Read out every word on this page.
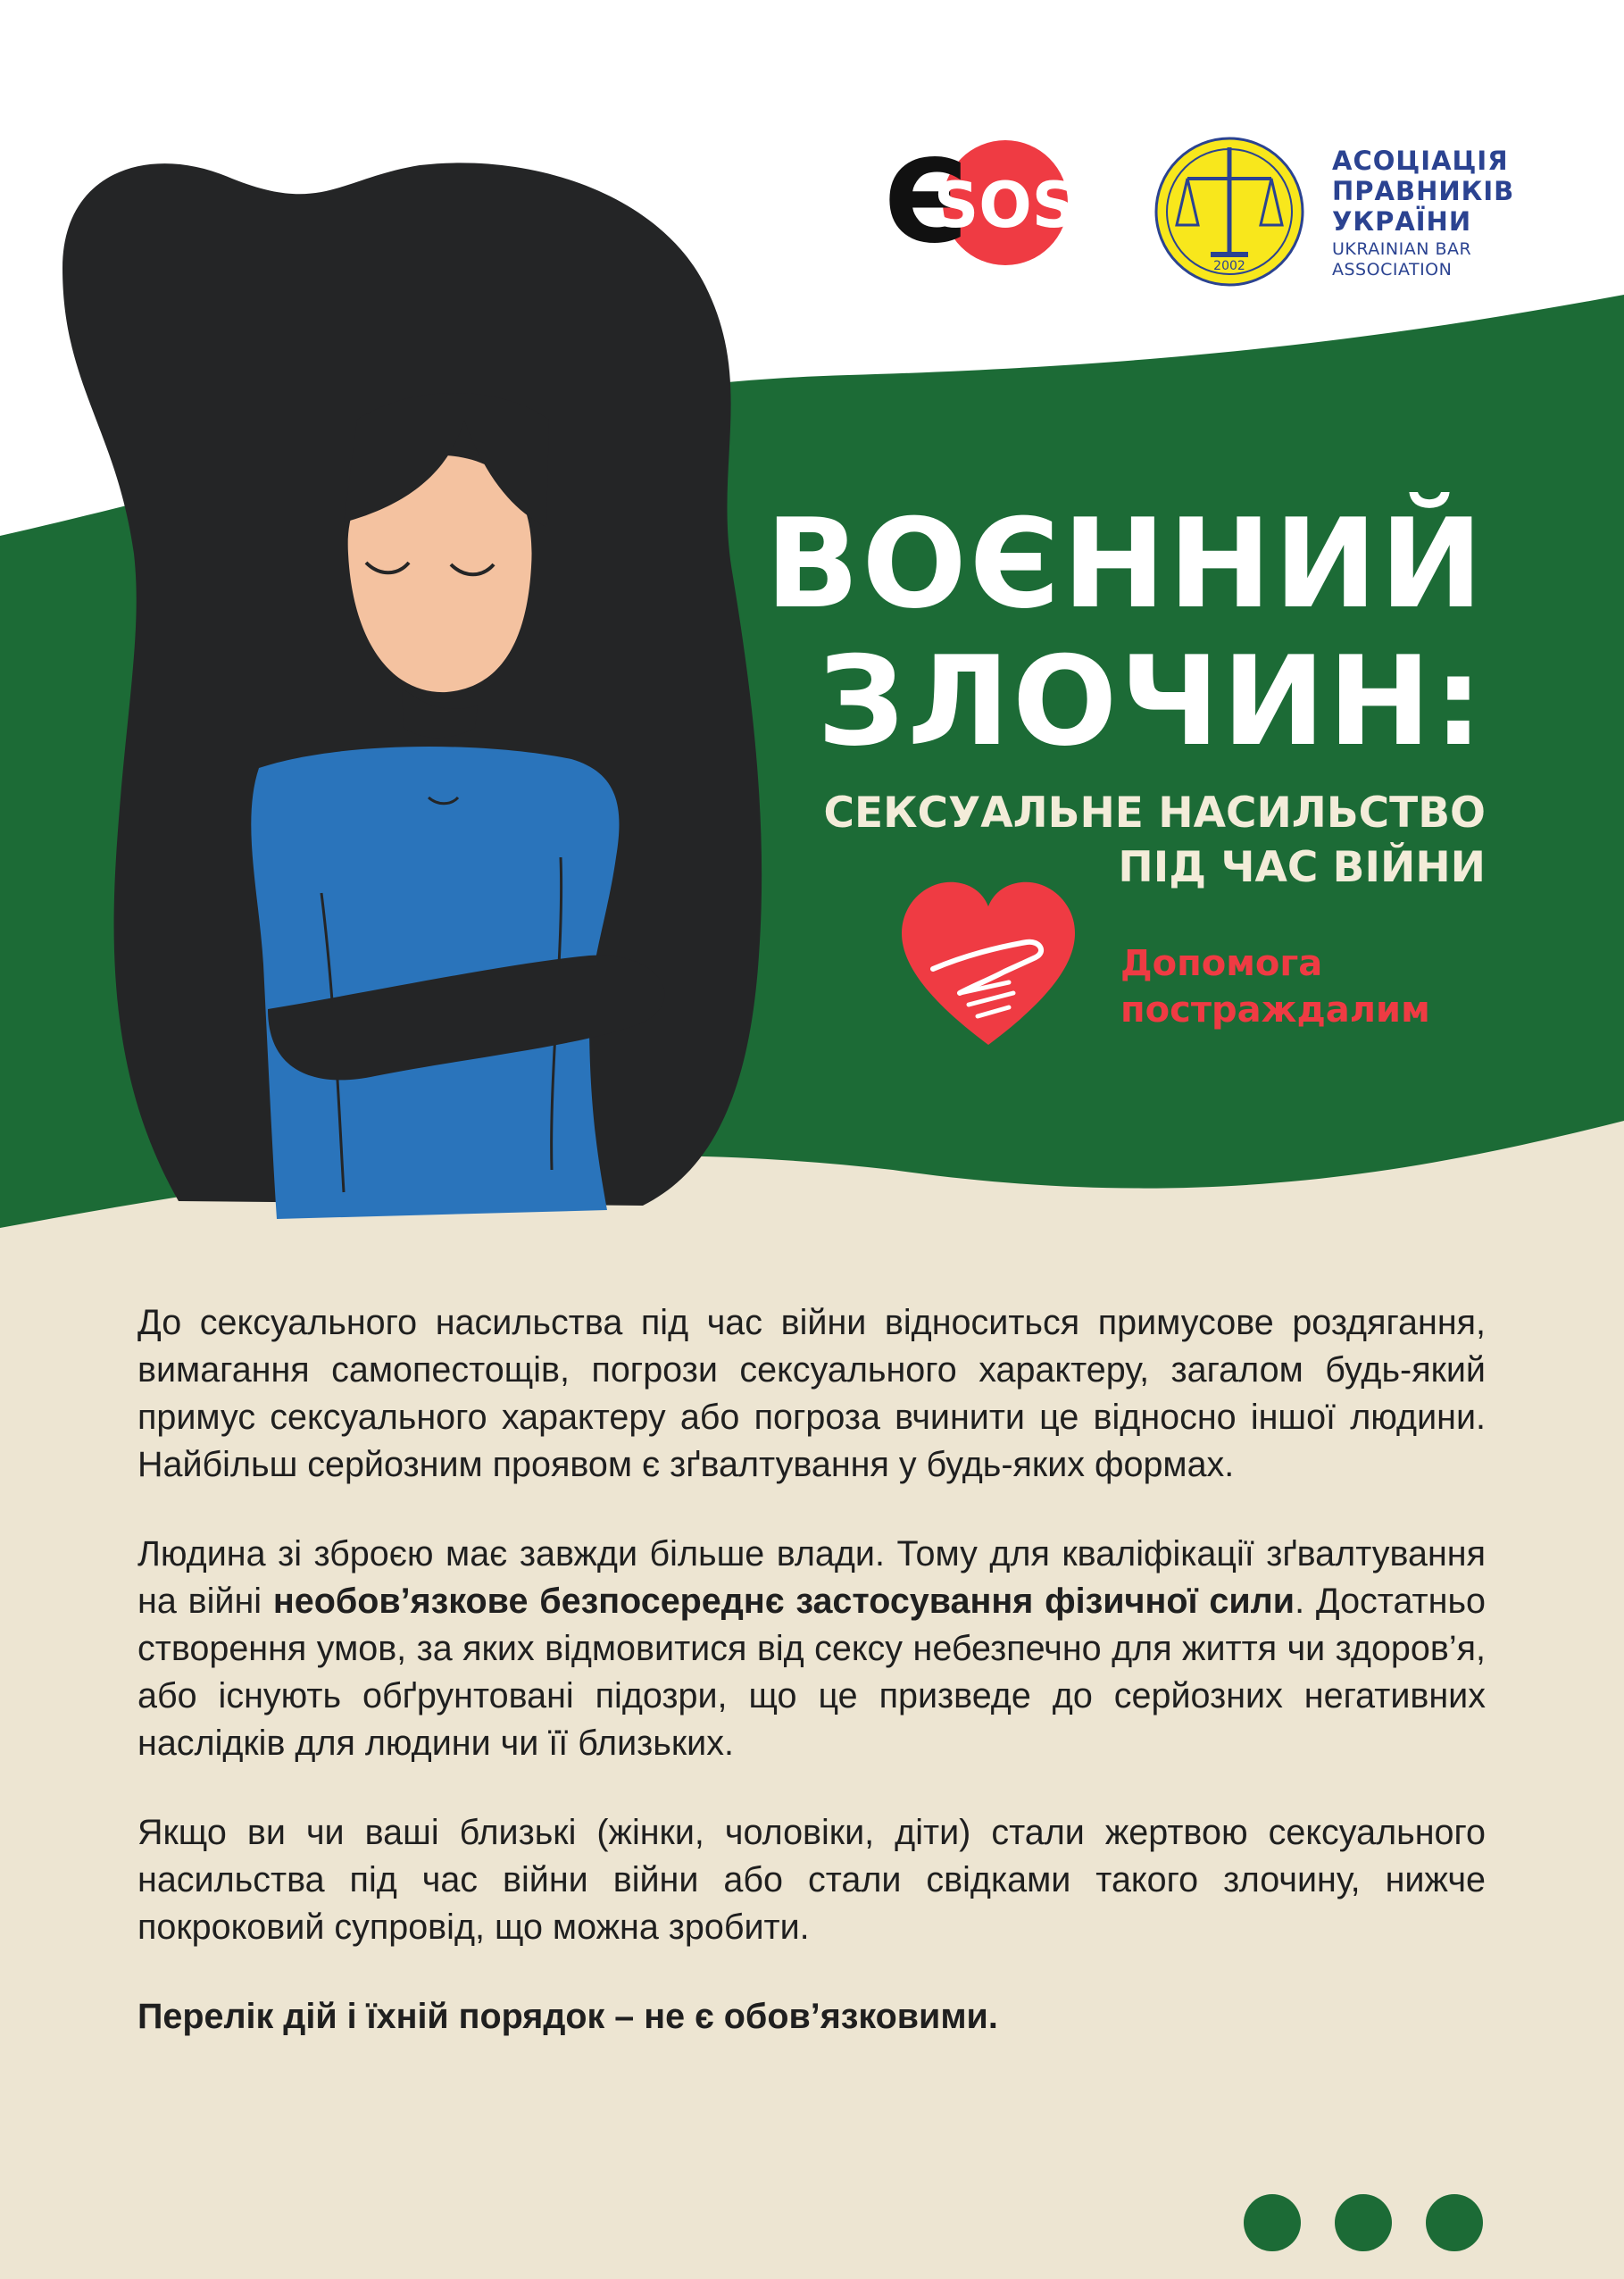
Є
SOS
2002
АСОЦІАЦІЯ
ПРАВНИКІВ
УКРАЇНИ
UKRAINIAN BAR
ASSOCIATION
ВОЄННИЙ
ЗЛОЧИН:
СЕКСУАЛЬНЕ НАСИЛЬСТВО
ПІД ЧАС ВІЙНИ
Допомога
постраждалим

До сексуального насильства під час війни відноситься примусове роздягання, вимагання самопестощів, погрози сексуального характеру, загалом будь-який примус сексуального характеру або погроза вчинити це відносно іншої людини. Найбільш серйозним проявом є зґвалтування у будь-яких формах.

Людина зі зброєю має завжди більше влади. Тому для кваліфікації зґвалтування на війні необов’язкове безпосереднє застосування фізичної сили. Достатньо створення умов, за яких відмовитися від сексу небезпечно для життя чи здоров’я, або існують обґрунтовані підозри, що це призведе до серйозних негативних наслідків для людини чи її близьких.

Якщо ви чи ваші близькі (жінки, чоловіки, діти) стали жертвою сексуального насильства під час війни війни або стали свідками такого злочину, нижче покроковий супровід, що можна зробити.

Перелік дій і їхній порядок – не є обов’язковими.
